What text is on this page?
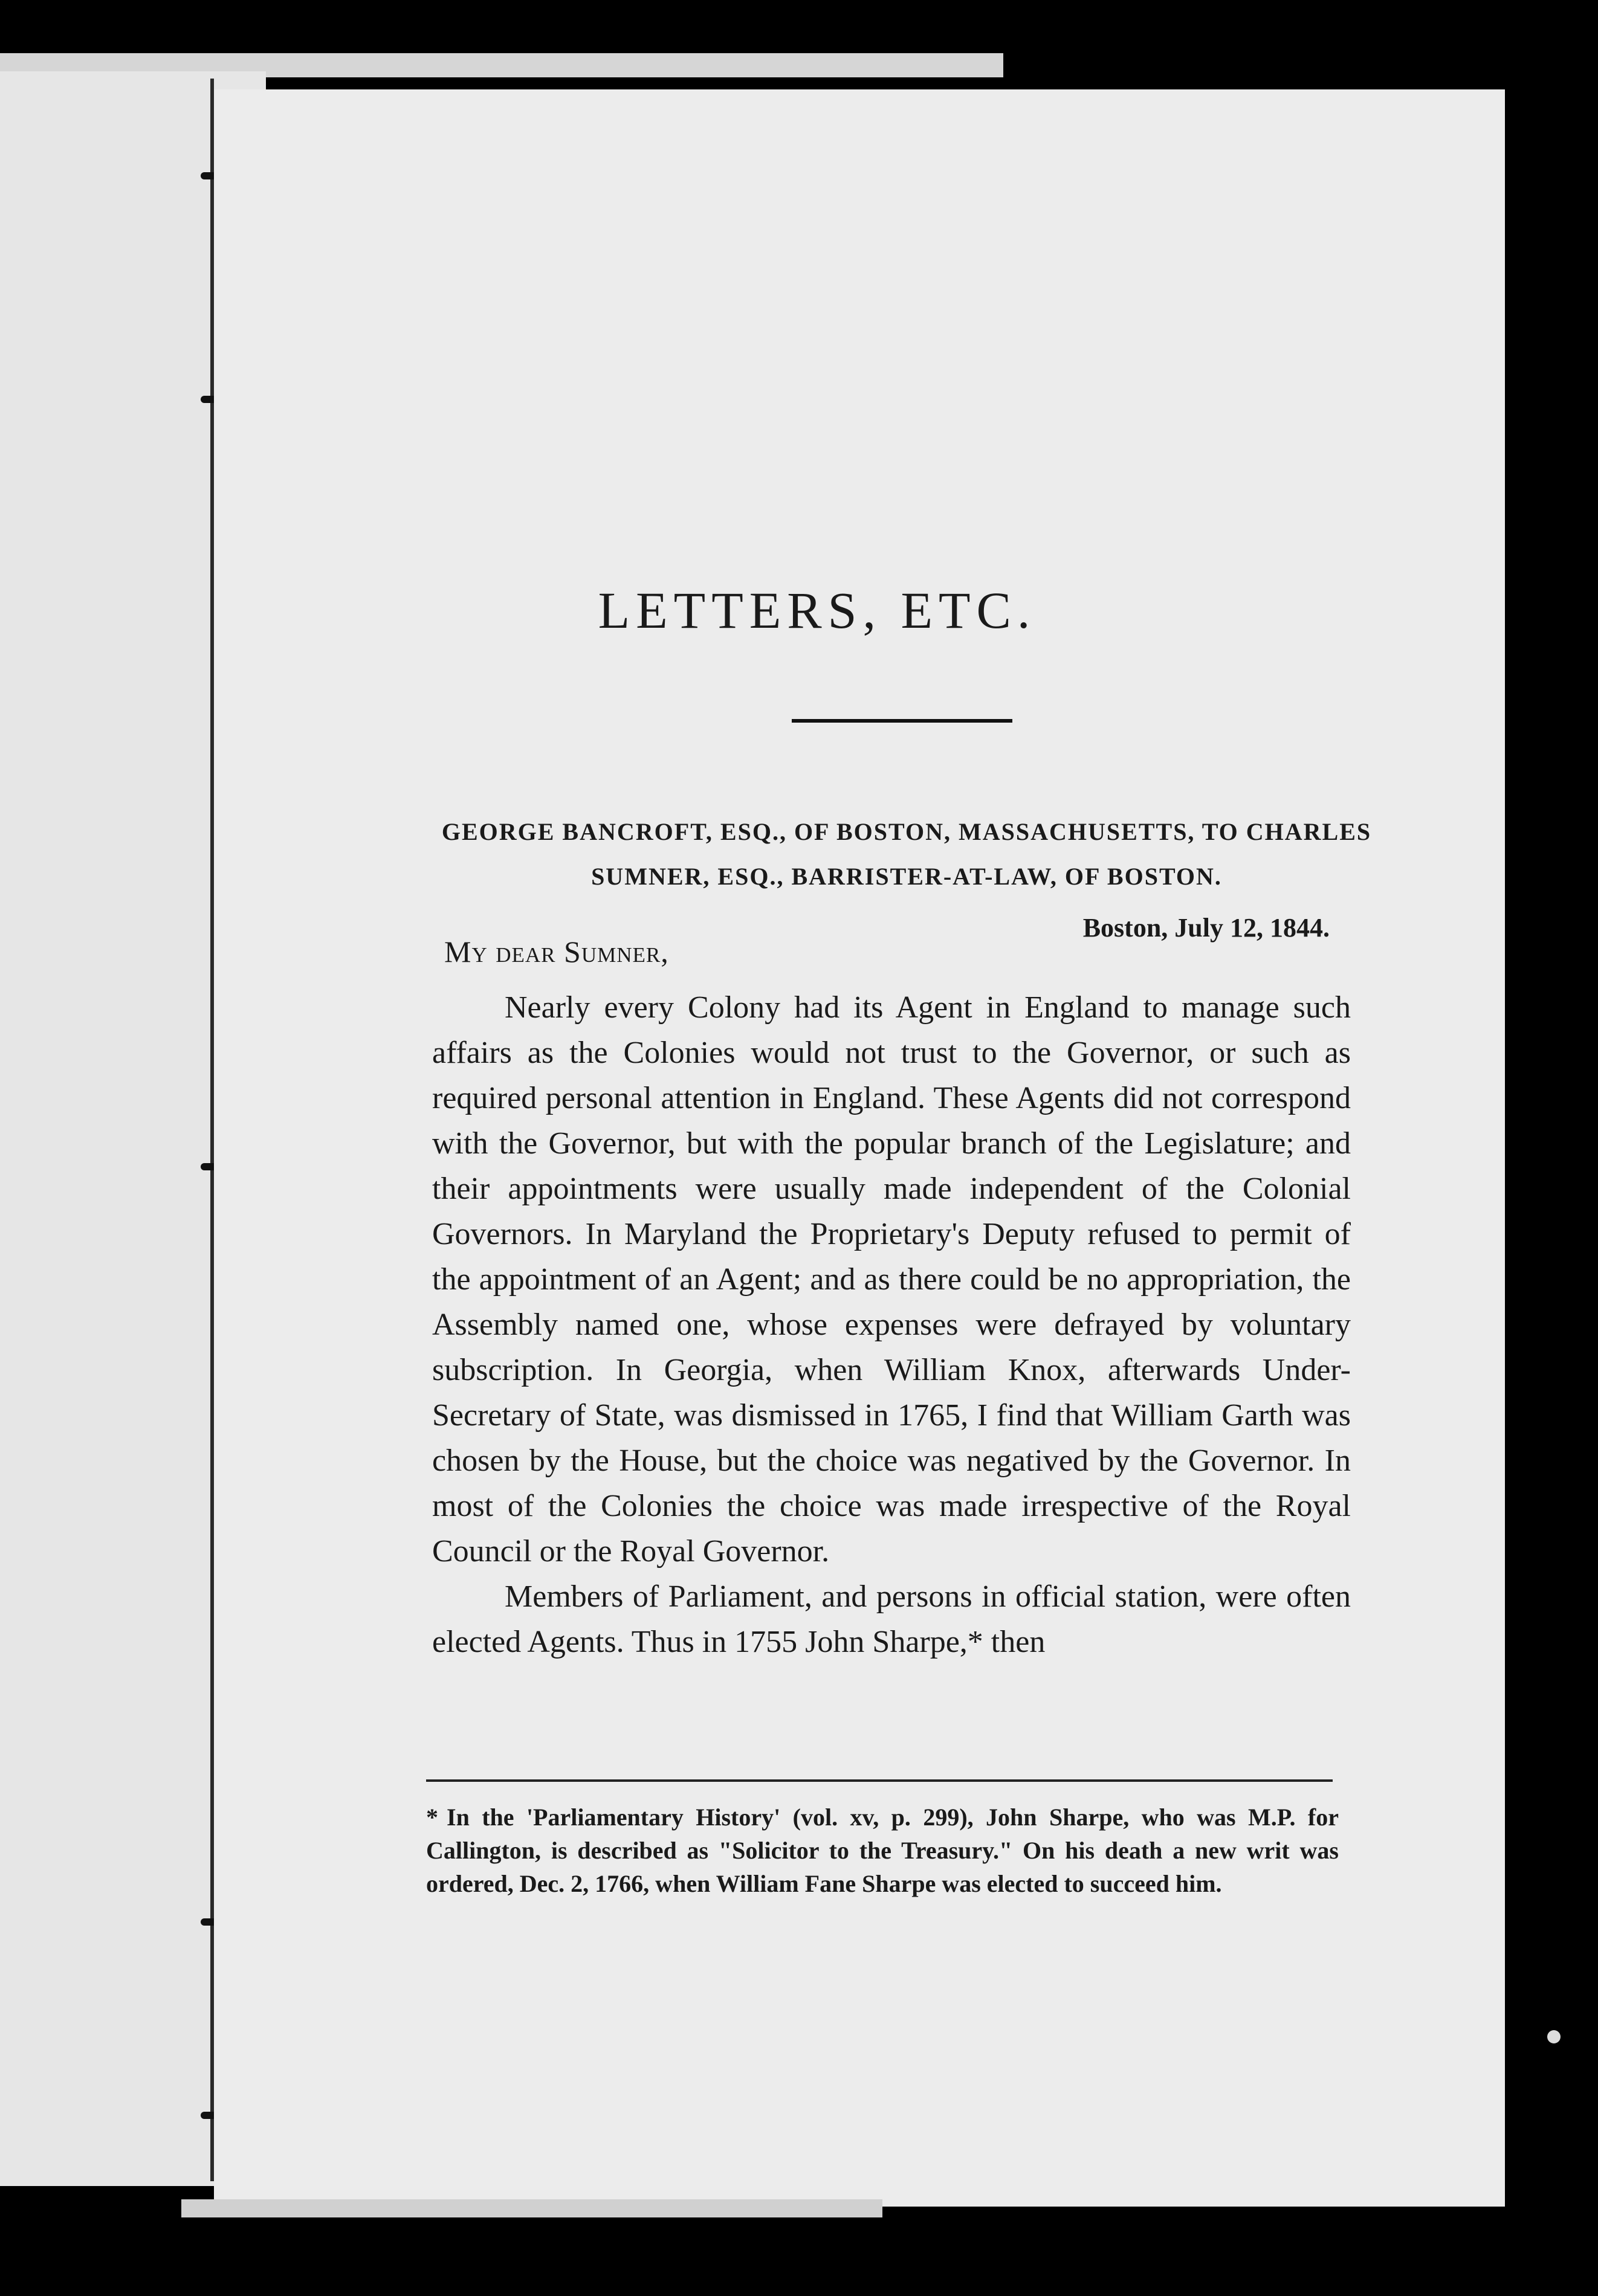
LETTERS, ETC.
GEORGE BANCROFT, ESQ., OF BOSTON, MASSACHUSETTS, TO CHARLES SUMNER, ESQ., BARRISTER-AT-LAW, OF BOSTON.
Boston, July 12, 1844.
My dear Sumner,

Nearly every Colony had its Agent in England to manage such affairs as the Colonies would not trust to the Governor, or such as required personal attention in England. These Agents did not correspond with the Governor, but with the popular branch of the Legislature; and their appointments were usually made independent of the Colonial Governors. In Maryland the Proprietary's Deputy refused to permit of the appointment of an Agent; and as there could be no appropriation, the Assembly named one, whose expenses were defrayed by voluntary subscription. In Georgia, when William Knox, afterwards Under-Secretary of State, was dismissed in 1765, I find that William Garth was chosen by the House, but the choice was negatived by the Governor. In most of the Colonies the choice was made irrespective of the Royal Council or the Royal Governor.

Members of Parliament, and persons in official station, were often elected Agents. Thus in 1755 John Sharpe,* then

* In the 'Parliamentary History' (vol. xv, p. 299), John Sharpe, who was M.P. for Callington, is described as "Solicitor to the Treasury." On his death a new writ was ordered, Dec. 2, 1766, when William Fane Sharpe was elected to succeed him.
